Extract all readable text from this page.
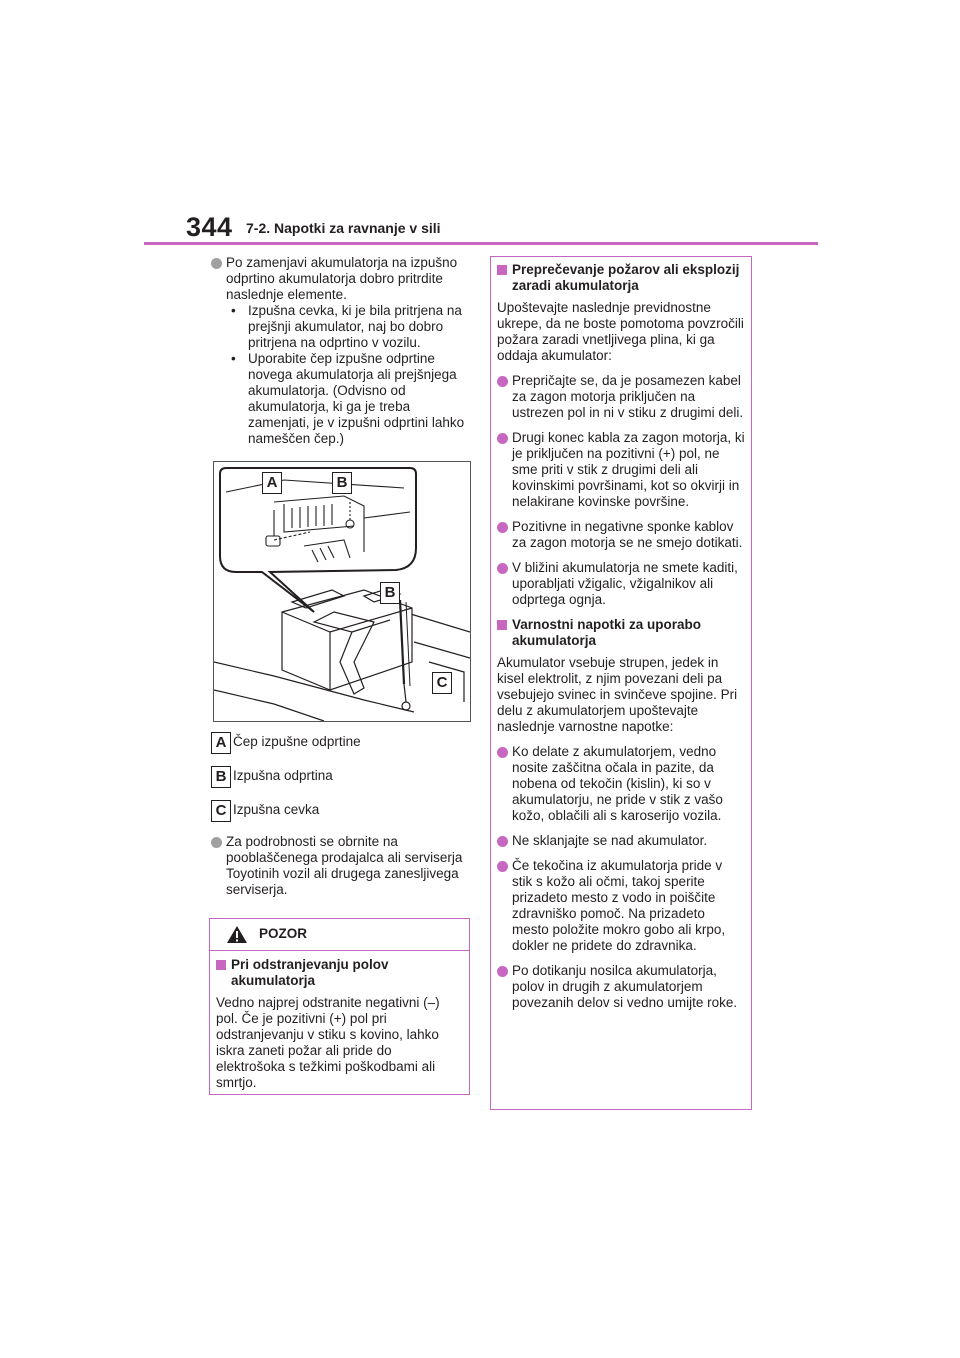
344 7-2. Napotki za ravnanje v sili
Po zamenjavi akumulatorja na izpušno odprtino akumulatorja dobro pritrdite naslednje elemente.
• Izpušna cevka, ki je bila pritrjena na prejšnji akumulator, naj bo dobro pritrjena na odprtino v vozilu.
• Uporabite čep izpušne odprtine novega akumulatorja ali prejšnjega akumulatorja. (Odvisno od akumulatorja, ki ga je treba zamenjati, je v izpušni odprtini lahko nameščen čep.)
A	B
B
C
A Čep izpušne odprtine
B Izpušna odprtina
C Izpušna cevka
Za podrobnosti se obrnite na pooblaščenega prodajalca ali serviserja Toyotinih vozil ali drugega zanesljivega serviserja.
POZOR
Pri odstranjevanju polov akumulatorja
Vedno najprej odstranite negativni (–) pol. Če je pozitivni (+) pol pri odstranjevanju v stiku s kovino, lahko iskra zaneti požar ali pride do elektrošoka s težkimi poškodbami ali smrtjo.
Preprečevanje požarov ali eksplozij zaradi akumulatorja
Upoštevajte naslednje previdnostne ukrepe, da ne boste pomotoma povzročili požara zaradi vnetljivega plina, ki ga oddaja akumulator:
Prepričajte se, da je posamezen kabel za zagon motorja priključen na ustrezen pol in ni v stiku z drugimi deli.
Drugi konec kabla za zagon motorja, ki je priključen na pozitivni (+) pol, ne sme priti v stik z drugimi deli ali kovinskimi površinami, kot so okvirji in nelakirane kovinske površine.
Pozitivne in negativne sponke kablov za zagon motorja se ne smejo dotikati.
V bližini akumulatorja ne smete kaditi, uporabljati vžigalic, vžigalnikov ali odprtega ognja.
Varnostni napotki za uporabo akumulatorja
Akumulator vsebuje strupen, jedek in kisel elektrolit, z njim povezani deli pa vsebujejo svinec in svinčeve spojine. Pri delu z akumulatorjem upoštevajte naslednje varnostne napotke:
Ko delate z akumulatorjem, vedno nosite zaščitna očala in pazite, da nobena od tekočin (kislin), ki so v akumulatorju, ne pride v stik z vašo kožo, oblačili ali s karoserijo vozila.
Ne sklanjajte se nad akumulator.
Če tekočina iz akumulatorja pride v stik s kožo ali očmi, takoj sperite prizadeto mesto z vodo in poiščite zdravniško pomoč. Na prizadeto mesto položite mokro gobo ali krpo, dokler ne pridete do zdravnika.
Po dotikanju nosilca akumulatorja, polov in drugih z akumulatorjem povezanih delov si vedno umijte roke.
